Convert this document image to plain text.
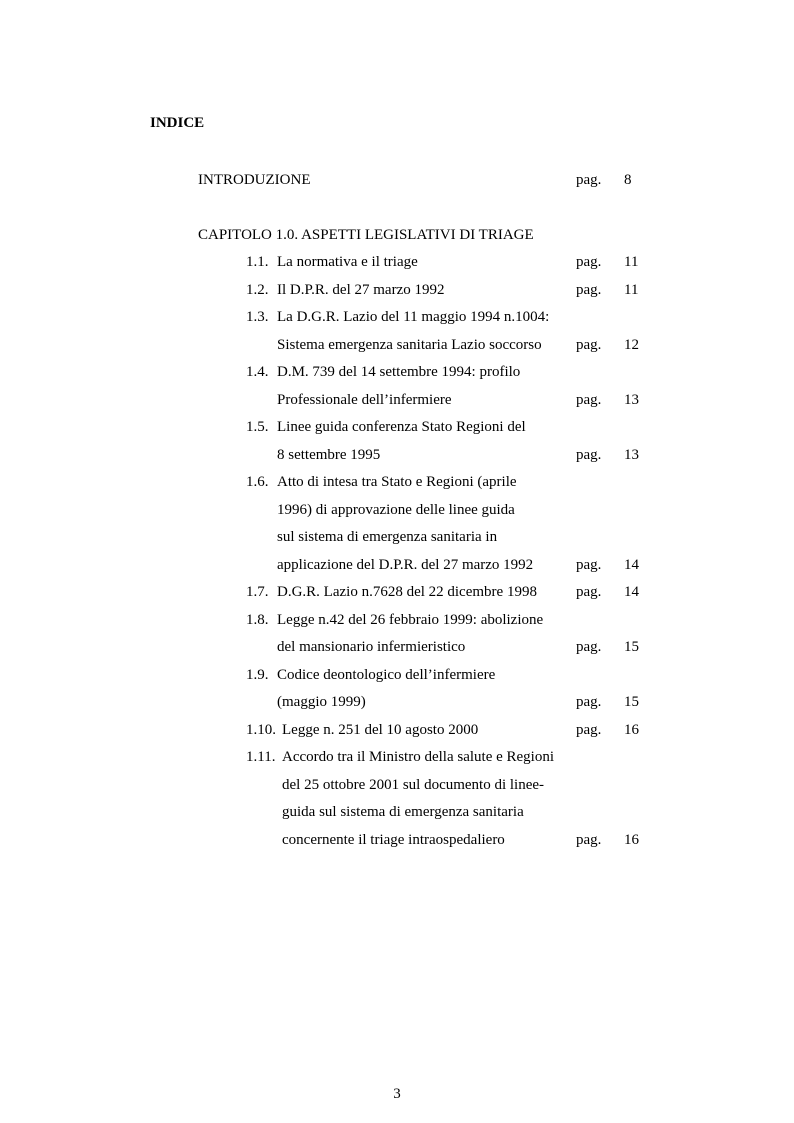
INDICE
INTRODUZIONE	pag. 8
CAPITOLO 1.0. ASPETTI LEGISLATIVI DI TRIAGE
1.1. La normativa e il triage	pag. 11
1.2. Il D.P.R. del 27 marzo 1992	pag. 11
1.3. La D.G.R. Lazio del 11 maggio 1994 n.1004:
Sistema emergenza sanitaria Lazio soccorso pag. 12
1.4. D.M. 739 del 14 settembre 1994: profilo
Professionale dell’infermiere	pag. 13
1.5. Linee guida conferenza Stato Regioni del
8 settembre 1995	pag. 13
1.6. Atto di intesa tra Stato e Regioni (aprile
1996) di approvazione delle linee guida
sul sistema di emergenza sanitaria in
applicazione del D.P.R. del 27 marzo 1992	pag. 14
1.7. D.G.R. Lazio n.7628 del 22 dicembre 1998	pag. 14
1.8. Legge n.42 del 26 febbraio 1999: abolizione
del mansionario infermieristico	pag. 15
1.9. Codice deontologico dell’infermiere
(maggio 1999)	pag. 15
1.10. Legge n. 251 del 10 agosto 2000	pag. 16
1.11. Accordo tra il Ministro della salute e Regioni
del 25 ottobre 2001 sul documento di linee-
guida sul sistema di emergenza sanitaria
concernente il triage intraospedaliero	pag. 16
3
